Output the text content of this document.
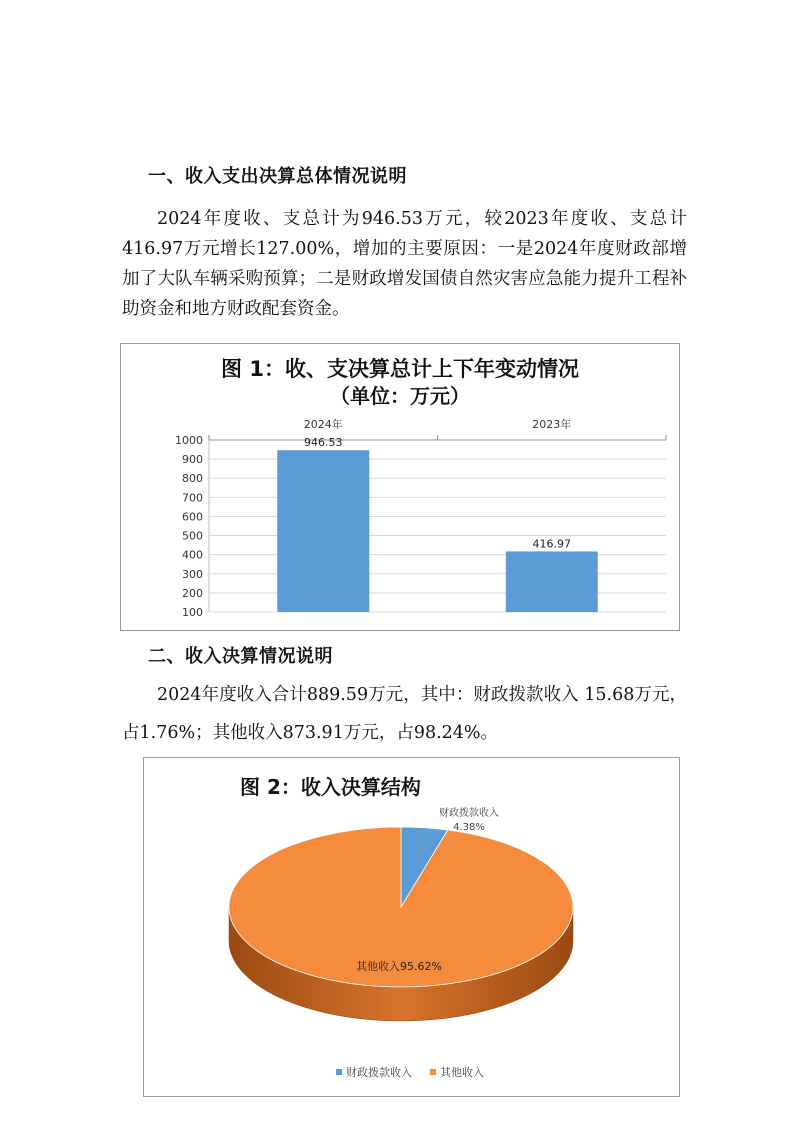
一、收入支出决算总体情况说明
2024年度收、支总计为946.53万元，较2023年度收、支总计416.97万元增长127.00%，增加的主要原因：一是2024年度财政部增加了大队车辆采购预算；二是财政增发国债自然灾害应急能力提升工程补助资金和地方财政配套资金。
图 1：收、支决算总计上下年变动情况
（单位：万元）
100
200
300
400
500
600
700
800
900
1000
2024年
946.53
2023年
416.97
二、收入决算情况说明
2024年度收入合计889.59万元，其中：财政拨款收入 15.68万元，占1.76%；其他收入873.91万元，占98.24%。
图 2：收入决算结构
财政拨款收入
4.38%
其他收入95.62%
财政拨款收入	其他收入
